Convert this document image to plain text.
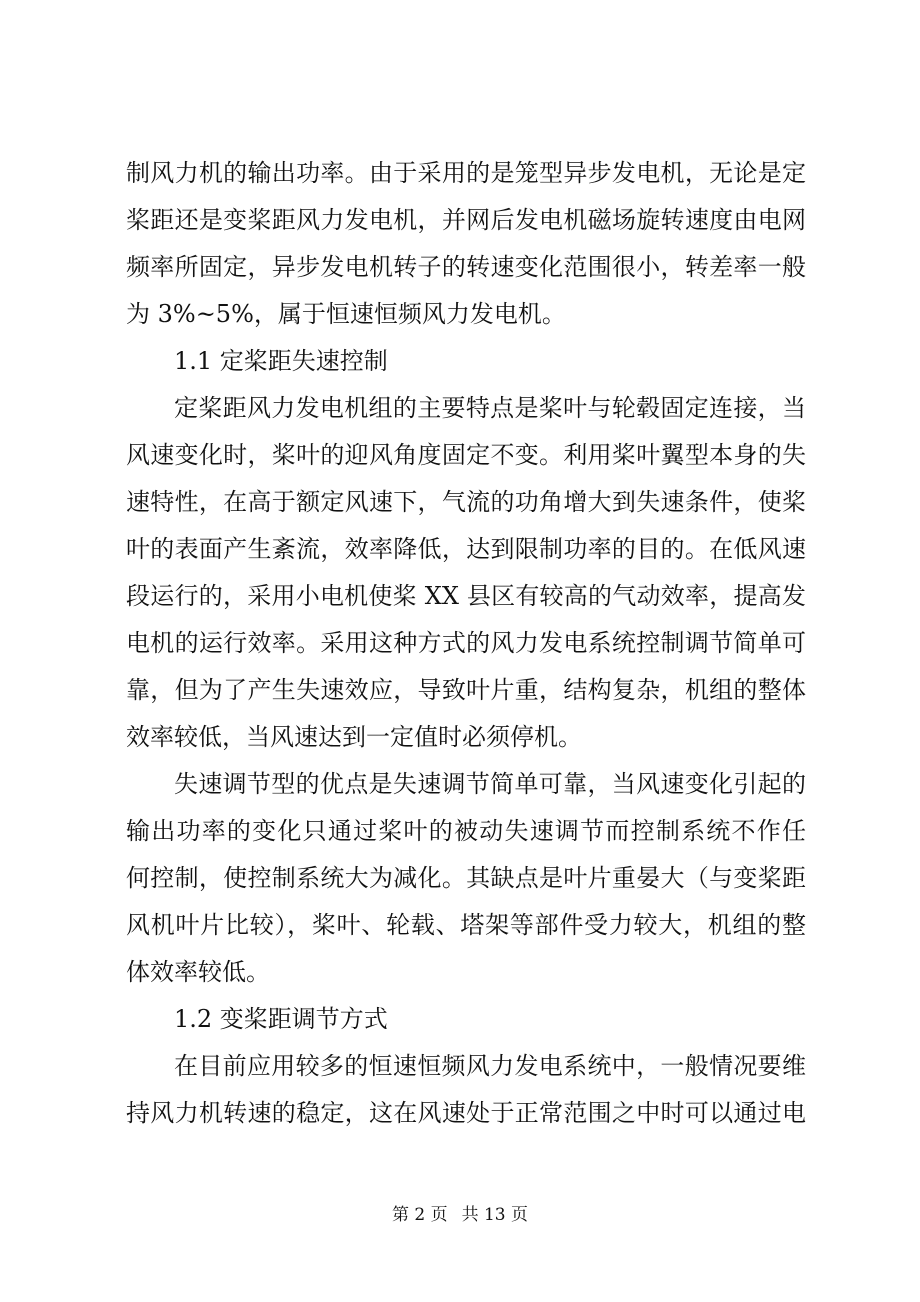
制风力机的输出功率。由于采用的是笼型异步发电机，无论是定
桨距还是变桨距风力发电机，并网后发电机磁场旋转速度由电网
频率所固定，异步发电机转子的转速变化范围很小，转差率一般
为 3%~5%，属于恒速恒频风力发电机。
1.1 定桨距失速控制
定桨距风力发电机组的主要特点是桨叶与轮毂固定连接，当
风速变化时，桨叶的迎风角度固定不变。利用桨叶翼型本身的失
速特性，在高于额定风速下，气流的功角增大到失速条件，使桨
叶的表面产生紊流，效率降低，达到限制功率的目的。在低风速
段运行的，采用小电机使桨 XX 县区有较高的气动效率，提高发
电机的运行效率。采用这种方式的风力发电系统控制调节简单可
靠，但为了产生失速效应，导致叶片重，结构复杂，机组的整体
效率较低，当风速达到一定值时必须停机。
失速调节型的优点是失速调节简单可靠，当风速变化引起的
输出功率的变化只通过桨叶的被动失速调节而控制系统不作任
何控制，使控制系统大为减化。其缺点是叶片重晏大（与变桨距
风机叶片比较），桨叶、轮载、塔架等部件受力较大，机组的整
体效率较低。
1.2 变桨距调节方式
在目前应用较多的恒速恒频风力发电系统中，一般情况要维
持风力机转速的稳定，这在风速处于正常范围之中时可以通过电
第 2 页 共 13 页
